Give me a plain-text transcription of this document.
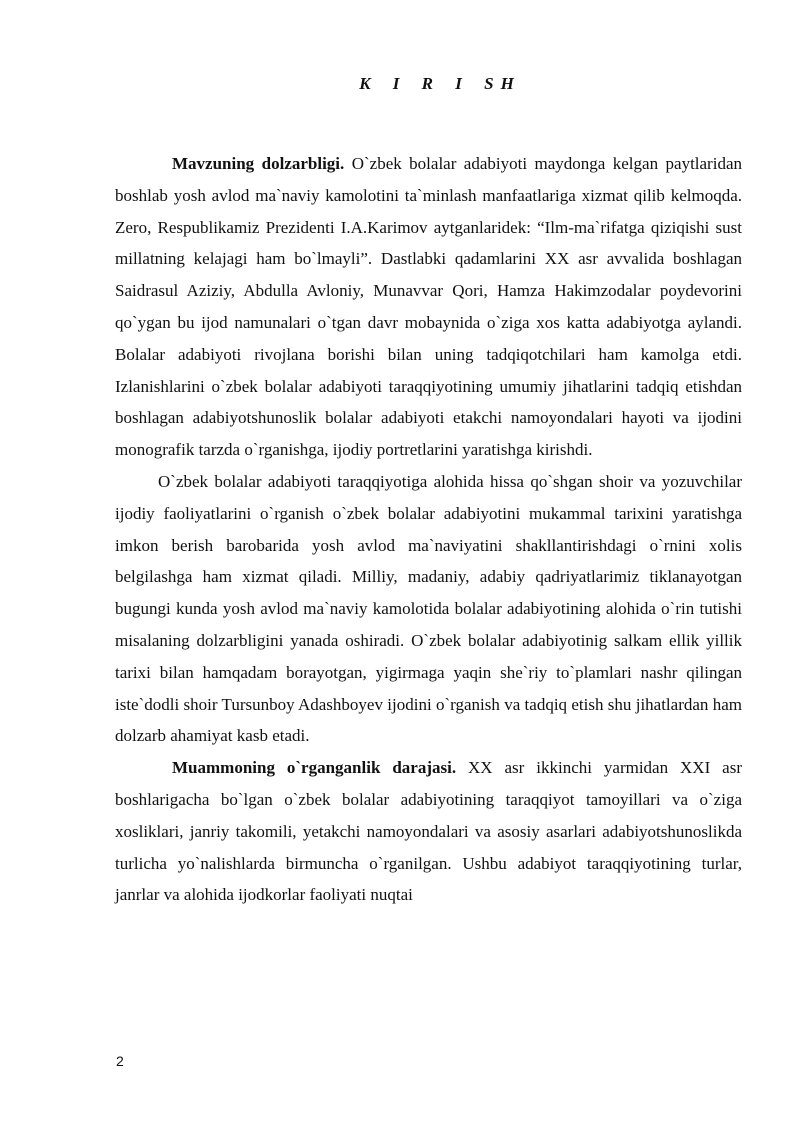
K I R I SH

Mavzuning dolzarbligi. O`zbek bolalar adabiyoti maydonga kelgan paytlaridan boshlab yosh avlod ma`naviy kamolotini ta`minlash manfaatlariga xizmat qilib kelmoqda. Zero, Respublikamiz Prezidenti I.A.Karimov aytganlaridek: “Ilm-ma`rifatga qiziqishi sust millatning kelajagi ham bo`lmayli”. Dastlabki qadamlarini XX asr avvalida boshlagan Saidrasul Aziziy, Abdulla Avloniy, Munavvar Qori, Hamza Hakimzodalar poydevorini qo`ygan bu ijod namunalari o`tgan davr mobaynida o`ziga xos katta adabiyotga aylandi. Bolalar adabiyoti rivojlana borishi bilan uning tadqiqotchilari ham kamolga etdi. Izlanishlarini o`zbek bolalar adabiyoti taraqqiyotining umumiy jihatlarini tadqiq etishdan boshlagan adabiyotshunoslik bolalar adabiyoti etakchi namoyondalari hayoti va ijodini monografik tarzda o`rganishga, ijodiy portretlarini yaratishga kirishdi.

O`zbek bolalar adabiyoti taraqqiyotiga alohida hissa qo`shgan shoir va yozuvchilar ijodiy faoliyatlarini o`rganish o`zbek bolalar adabiyotini mukammal tarixini yaratishga imkon berish barobarida yosh avlod ma`naviyatini shakllantirishdagi o`rnini xolis belgilashga ham xizmat qiladi. Milliy, madaniy, adabiy qadriyatlarimiz tiklanayotgan bugungi kunda yosh avlod ma`naviy kamolotida bolalar adabiyotining alohida o`rin tutishi misalaning dolzarbligini yanada oshiradi. O`zbek bolalar adabiyotinig salkam ellik yillik tarixi bilan hamqadam borayotgan, yigirmaga yaqin she`riy to`plamlari nashr qilingan iste`dodli shoir Tursunboy Adashboyev ijodini o`rganish va tadqiq etish shu jihatlardan ham dolzarb ahamiyat kasb etadi.

Muammoning o`rganganlik darajasi. XX asr ikkinchi yarmidan XXI asr boshlarigacha bo`lgan o`zbek bolalar adabiyotining taraqqiyot tamoyillari va o`ziga xosliklari, janriy takomili, yetakchi namoyondalari va asosiy asarlari adabiyotshunoslikda turlicha yo`nalishlarda birmuncha o`rganilgan. Ushbu adabiyot taraqqiyotining turlar, janrlar va alohida ijodkorlar faoliyati nuqtai

2
